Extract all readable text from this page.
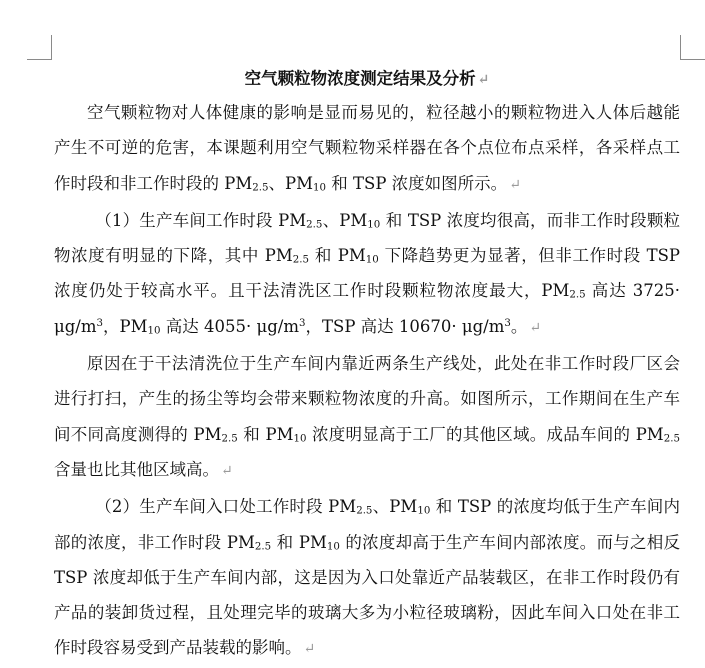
空气颗粒物浓度测定结果及分析 ↵

空气颗粒物对人体健康的影响是显而易见的，粒径越小的颗粒物进入人体后越能产生不可逆的危害，本课题利用空气颗粒物采样器在各个点位布点采样，各采样点工作时段和非工作时段的 $PM_{2.5}$、$PM_{10}$ 和 TSP 浓度如图所示。 ↵

（1）生产车间工作时段 $PM_{2.5}$、$PM_{10}$ 和 TSP 浓度均很高，而非工作时段颗粒物浓度有明显的下降，其中 $PM_{2.5}$ 和 $PM_{10}$ 下降趋势更为显著，但非工作时段 TSP 浓度仍处于较高水平。且干法清洗区工作时段颗粒物浓度最大，$PM_{2.5}$ 高达 $3725\cdot \mu g/m^3$，$PM_{10}$ 高达 $4055\cdot \mu g/m^3$，TSP 高达 $10670\cdot \mu g/m^3$。 ↵

原因在于干法清洗位于生产车间内靠近两条生产线处，此处在非工作时段厂区会进行打扫，产生的扬尘等均会带来颗粒物浓度的升高。如图所示，工作期间在生产车间不同高度测得的 $PM_{2.5}$ 和 $PM_{10}$ 浓度明显高于工厂的其他区域。成品车间的 $PM_{2.5}$ 含量也比其他区域高。 ↵

（2）生产车间入口处工作时段 $PM_{2.5}$、$PM_{10}$ 和 TSP 的浓度均低于生产车间内部的浓度，非工作时段 $PM_{2.5}$ 和 $PM_{10}$ 的浓度却高于生产车间内部浓度。而与之相反 TSP 浓度却低于生产车间内部，这是因为入口处靠近产品装载区，在非工作时段仍有产品的装卸货过程，且处理完毕的玻璃大多为小粒径玻璃粉，因此车间入口处在非工作时段容易受到产品装载的影响。 ↵
